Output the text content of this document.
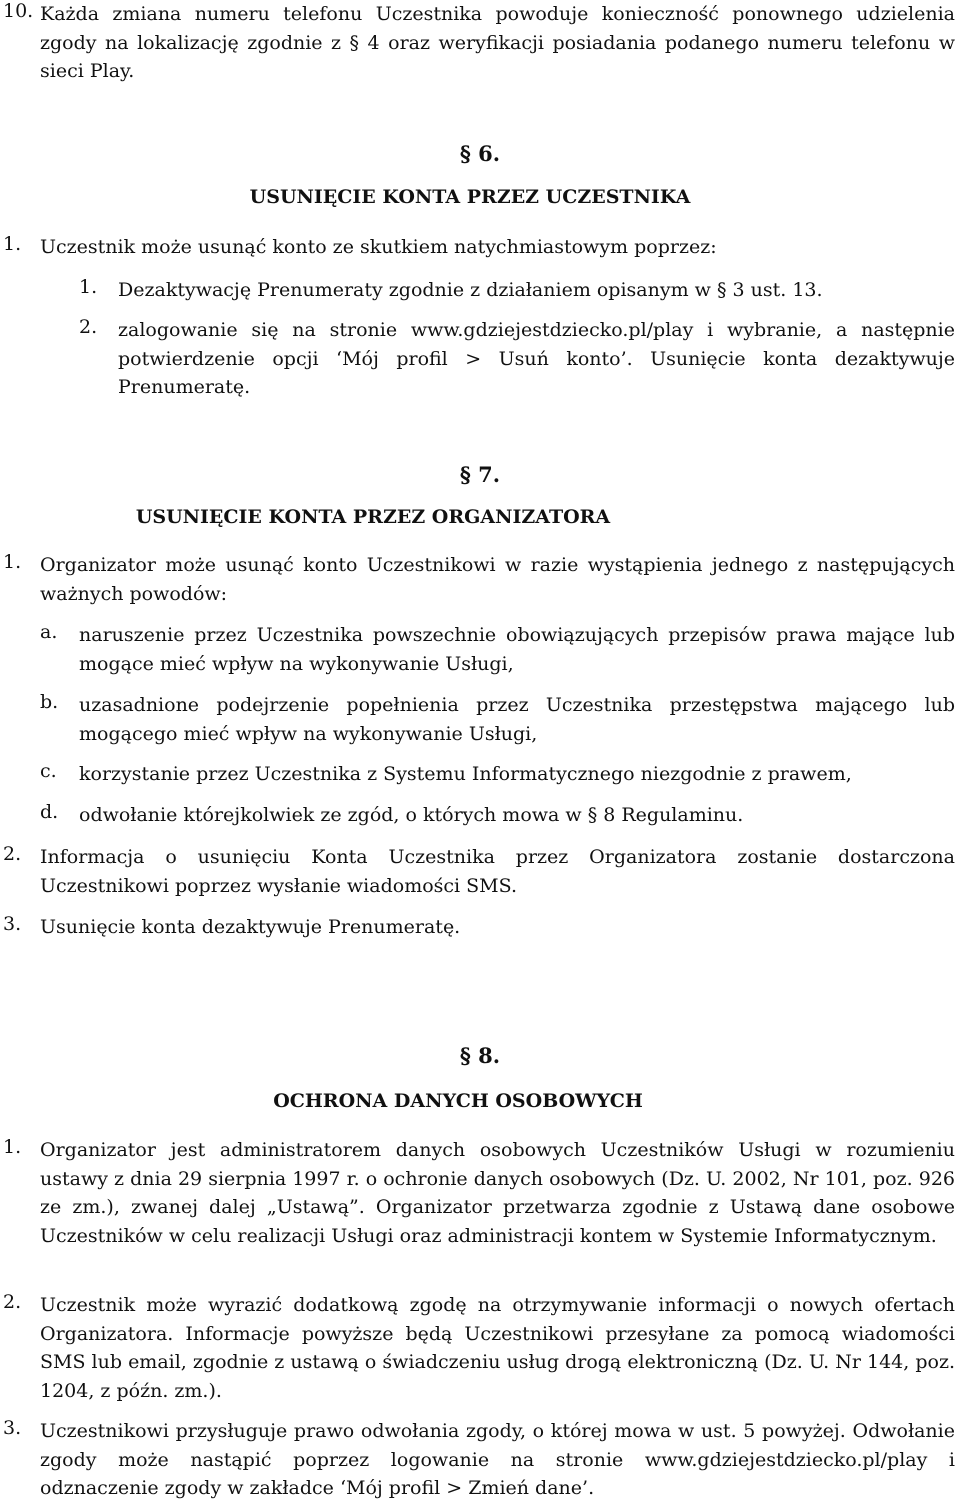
10. Każda zmiana numeru telefonu Uczestnika powoduje konieczność ponownego udzielenia zgody na lokalizację zgodnie z § 4 oraz weryfikacji posiadania podanego numeru telefonu w sieci Play.
§ 6.
USUNIĘCIE KONTA PRZEZ UCZESTNIKA
1. Uczestnik może usunąć konto ze skutkiem natychmiastowym poprzez:
1. Dezaktywację Prenumeraty zgodnie z działaniem opisanym w § 3 ust. 13.
2. zalogowanie się na stronie www.gdziejestdziecko.pl/play i wybranie, a następnie potwierdzenie opcji ‘Mój profil > Usuń konto’. Usunięcie konta dezaktywuje Prenumeratę.
§ 7.
USUNIĘCIE KONTA PRZEZ ORGANIZATORA
1. Organizator może usunąć konto Uczestnikowi w razie wystąpienia jednego z następujących ważnych powodów:
a. naruszenie przez Uczestnika powszechnie obowiązujących przepisów prawa mające lub mogące mieć wpływ na wykonywanie Usługi,
b. uzasadnione podejrzenie popełnienia przez Uczestnika przestępstwa mającego lub mogącego mieć wpływ na wykonywanie Usługi,
c. korzystanie przez Uczestnika z Systemu Informatycznego niezgodnie z prawem,
d. odwołanie którejkolwiek ze zgód, o których mowa w § 8 Regulaminu.
2. Informacja o usunięciu Konta Uczestnika przez Organizatora zostanie dostarczona Uczestnikowi poprzez wysłanie wiadomości SMS.
3. Usunięcie konta dezaktywuje Prenumeratę.
§ 8.
OCHRONA DANYCH OSOBOWYCH
1. Organizator jest administratorem danych osobowych Uczestników Usługi w rozumieniu ustawy z dnia 29 sierpnia 1997 r. o ochronie danych osobowych (Dz. U. 2002, Nr 101, poz. 926 ze zm.), zwanej dalej „Ustawą”. Organizator przetwarza zgodnie z Ustawą dane osobowe Uczestników w celu realizacji Usługi oraz administracji kontem w Systemie Informatycznym.
2. Uczestnik może wyrazić dodatkową zgodę na otrzymywanie informacji o nowych ofertach Organizatora. Informacje powyższe będą Uczestnikowi przesyłane za pomocą wiadomości SMS lub email, zgodnie z ustawą o świadczeniu usług drogą elektroniczną (Dz. U. Nr 144, poz. 1204, z późn. zm.).
3. Uczestnikowi przysługuje prawo odwołania zgody, o której mowa w ust. 5 powyżej. Odwołanie zgody może nastąpić poprzez logowanie na stronie www.gdziejestdziecko.pl/play i odznaczenie zgody w zakładce ‘Mój profil > Zmień dane’.
